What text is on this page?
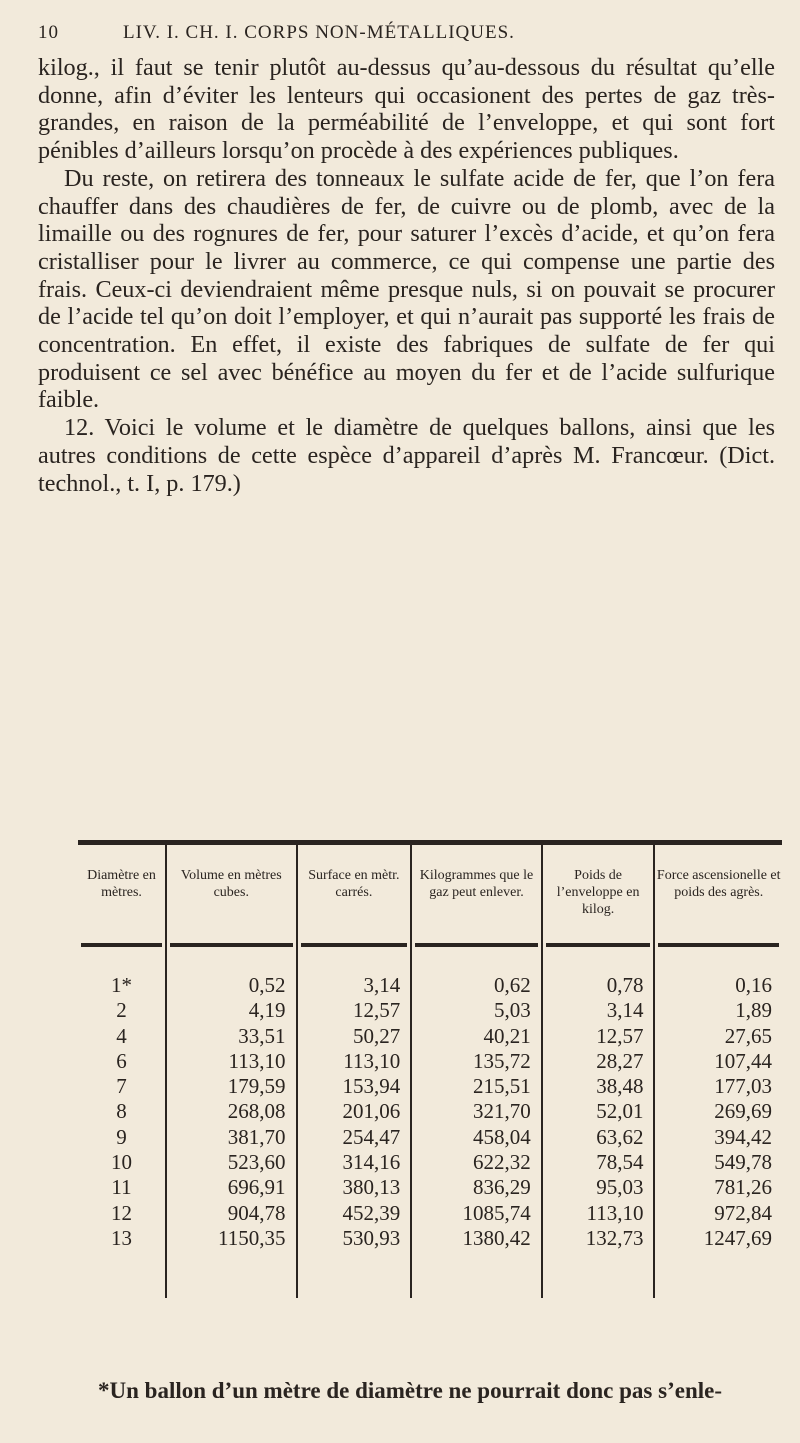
10	LIV. I. CH. I. CORPS NON-MÉTALLIQUES.

kilog., il faut se tenir plutôt au-dessus qu’au-dessous du résultat qu’elle donne, afin d’éviter les lenteurs qui occasionent des pertes de gaz très-grandes, en raison de la perméabilité de l’enveloppe, et qui sont fort pénibles d’ailleurs lorsqu’on procède à des expériences publiques.

Du reste, on retirera des tonneaux le sulfate acide de fer, que l’on fera chauffer dans des chaudières de fer, de cuivre ou de plomb, avec de la limaille ou des rognures de fer, pour saturer l’excès d’acide, et qu’on fera cristalliser pour le livrer au commerce, ce qui compense une partie des frais. Ceux-ci deviendraient même presque nuls, si on pouvait se procurer de l’acide tel qu’on doit l’employer, et qui n’aurait pas supporté les frais de concentration. En effet, il existe des fabriques de sulfate de fer qui produisent ce sel avec bénéfice au moyen du fer et de l’acide sulfurique faible.

12. Voici le volume et le diamètre de quelques ballons, ainsi que les autres conditions de cette espèce d’appareil d’après M. Francœur. (Dict. technol., t. I, p. 179.)

Diamètre en mètres.
1*
2
4
6
7
8
9
10
11
12
13
Volume en mètres cubes.
0,52
4,19
33,51
113,10
179,59
268,08
381,70
523,60
696,91
904,78
1150,35
Surface en mètr. carrés.
3,14
12,57
50,27
113,10
153,94
201,06
254,47
314,16
380,13
452,39
530,93
Kilogrammes que le gaz peut enlever.
0,62
5,03
40,21
135,72
215,51
321,70
458,04
622,32
836,29
1085,74
1380,42
Poids de l’enveloppe en kilog.
0,78
3,14
12,57
28,27
38,48
52,01
63,62
78,54
95,03
113,10
132,73
Force ascensionelle et poids des agrès.
0,16
1,89
27,65
107,44
177,03
269,69
394,42
549,78
781,26
972,84
1247,69
*Un ballon d’un mètre de diamètre ne pourrait donc pas s’enle-
